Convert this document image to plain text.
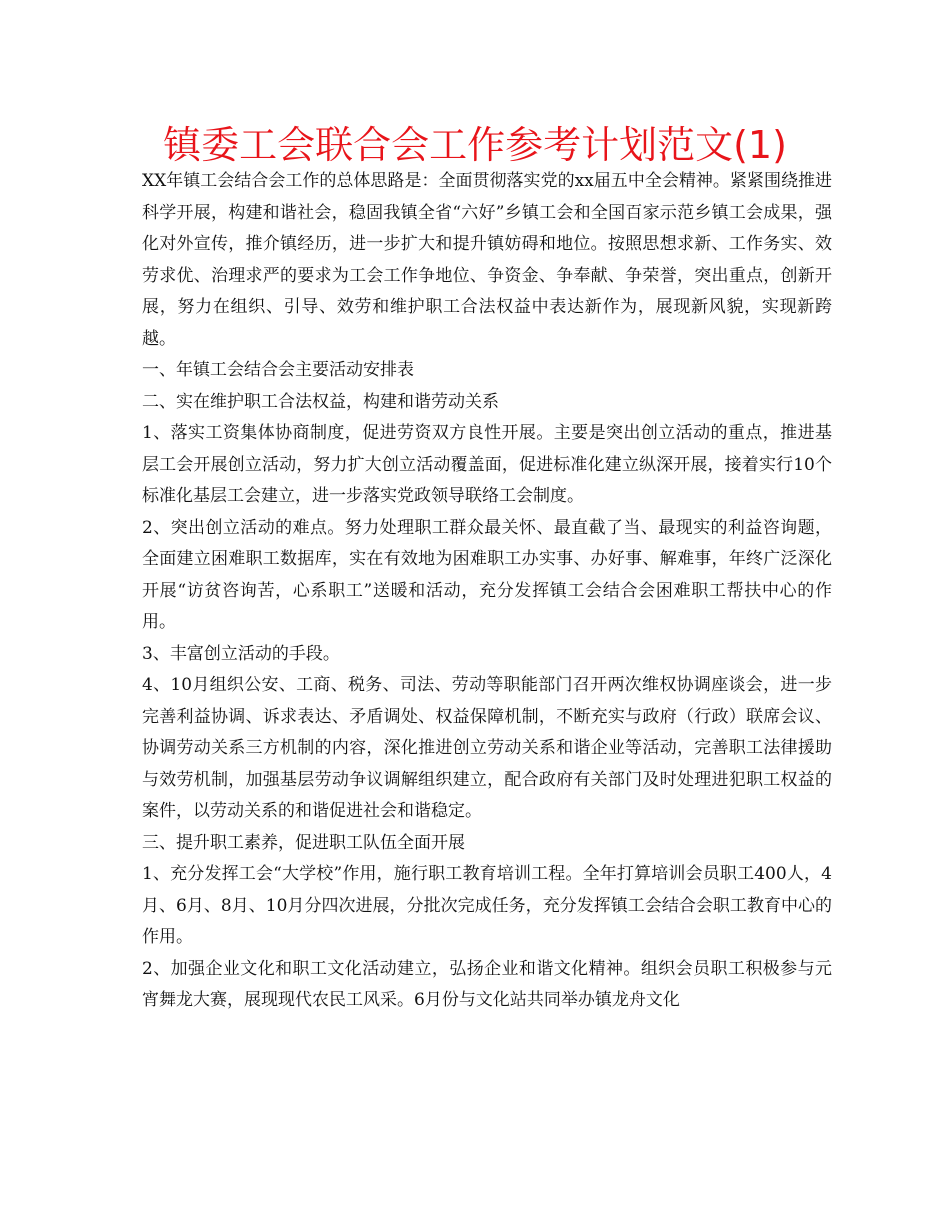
镇委工会联合会工作参考计划范文(1)

XX年镇工会结合会工作的总体思路是：全面贯彻落实党的xx届五中全会精神。紧紧围绕推进科学开展，构建和谐社会，稳固我镇全省“六好”乡镇工会和全国百家示范乡镇工会成果，强化对外宣传，推介镇经历，进一步扩大和提升镇妨碍和地位。按照思想求新、工作务实、效劳求优、治理求严的要求为工会工作争地位、争资金、争奉献、争荣誉，突出重点，创新开展，努力在组织、引导、效劳和维护职工合法权益中表达新作为，展现新风貌，实现新跨越。

一、年镇工会结合会主要活动安排表

二、实在维护职工合法权益，构建和谐劳动关系

1、落实工资集体协商制度，促进劳资双方良性开展。主要是突出创立活动的重点，推进基层工会开展创立活动，努力扩大创立活动覆盖面，促进标准化建立纵深开展，接着实行10个标准化基层工会建立，进一步落实党政领导联络工会制度。

2、突出创立活动的难点。努力处理职工群众最关怀、最直截了当、最现实的利益咨询题，全面建立困难职工数据库，实在有效地为困难职工办实事、办好事、解难事，年终广泛深化开展“访贫咨询苦，心系职工”送暖和活动，充分发挥镇工会结合会困难职工帮扶中心的作用。

3、丰富创立活动的手段。

4、10月组织公安、工商、税务、司法、劳动等职能部门召开两次维权协调座谈会，进一步完善利益协调、诉求表达、矛盾调处、权益保障机制，不断充实与政府（行政）联席会议、协调劳动关系三方机制的内容，深化推进创立劳动关系和谐企业等活动，完善职工法律援助与效劳机制，加强基层劳动争议调解组织建立，配合政府有关部门及时处理进犯职工权益的案件，以劳动关系的和谐促进社会和谐稳定。

三、提升职工素养，促进职工队伍全面开展

1、充分发挥工会“大学校”作用，施行职工教育培训工程。全年打算培训会员职工400人，4月、6月、8月、10月分四次进展，分批次完成任务，充分发挥镇工会结合会职工教育中心的作用。

2、加强企业文化和职工文化活动建立，弘扬企业和谐文化精神。组织会员职工积极参与元宵舞龙大赛，展现现代农民工风采。6月份与文化站共同举办镇龙舟文化
